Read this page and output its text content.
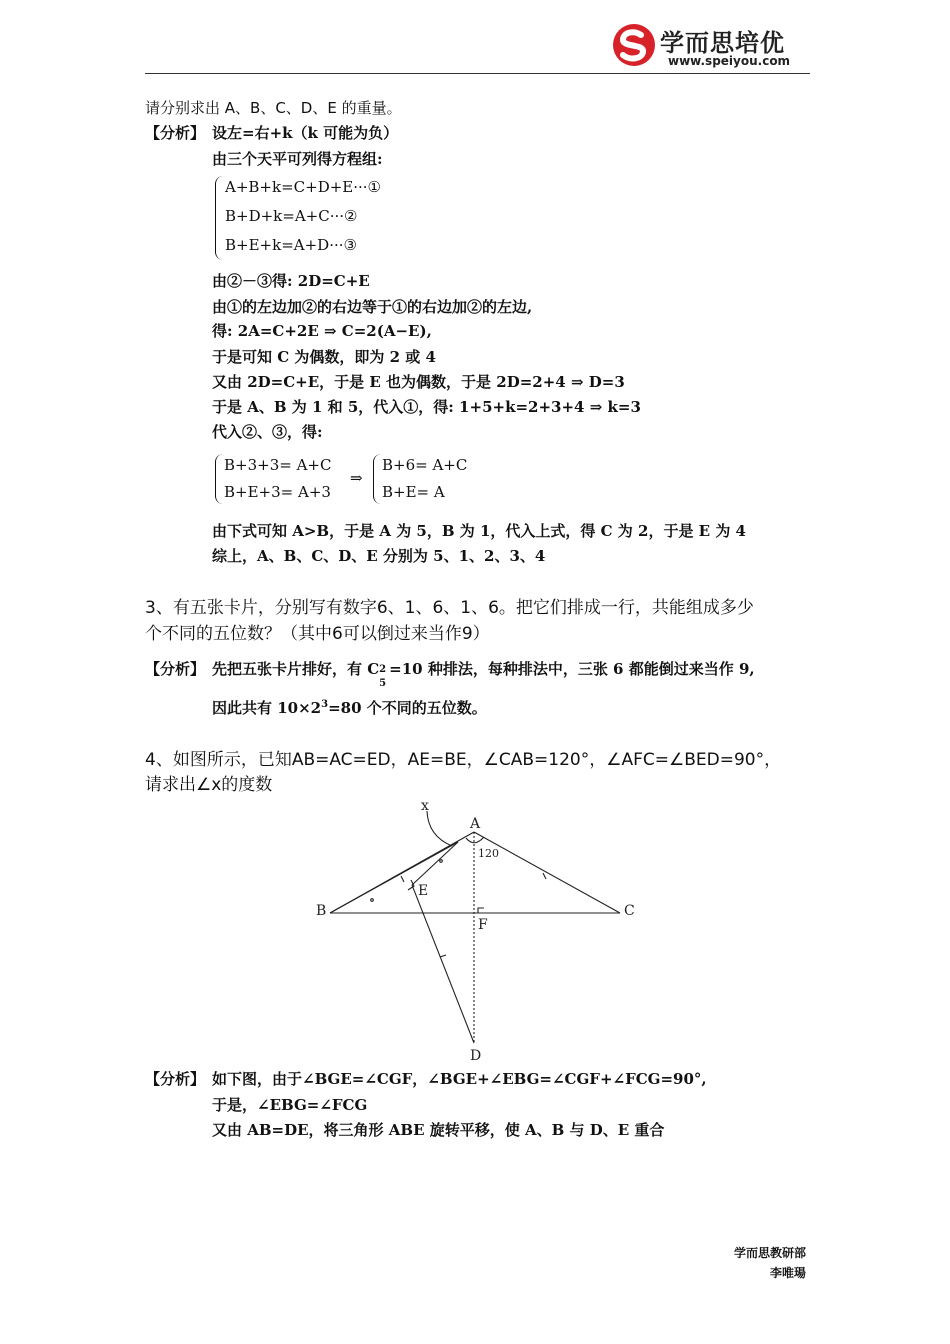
学而思培优
www.speiyou.com
请分别求出 A、B、C、D、E 的重量。
【分析】 设左=右+k（k 可能为负）
由三个天平可列得方程组:
A+B+k=C+D+E···①
B+D+k=A+C···②
B+E+k=A+D···③
由②－③得: 2D=C+E
由①的左边加②的右边等于①的右边加②的左边,
得: 2A=C+2E ⇒ C=2(A−E),
于是可知 C 为偶数，即为 2 或 4
又由 2D=C+E，于是 E 也为偶数，于是 2D=2+4 ⇒ D=3
于是 A、B 为 1 和 5，代入①，得: 1+5+k=2+3+4 ⇒ k=3
代入②、③，得:
B+3+3= A+C
B+E+3= A+3
⇒
B+6= A+C
B+E= A
由下式可知 A>B，于是 A 为 5，B 为 1，代入上式，得 C 为 2，于是 E 为 4
综上，A、B、C、D、E 分别为 5、1、2、3、4
3、有五张卡片，分别写有数字6、1、6、1、6。把它们排成一行，共能组成多少
个不同的五位数？（其中6可以倒过来当作9）
【分析】 先把五张卡片排好，有 C 2
5
=10 种排法，每种排法中，三张 6 都能倒过来当作 9,
因此共有 $10\times 2^3=80$ 个不同的五位数。
4、如图所示，已知AB=AC=ED，AE=BE，∠CAB=120°，∠AFC=∠BED=90°，
请求出∠x的度数
x
A
B	C
D
E
F
120
【分析】 如下图，由于∠BGE=∠CGF，∠BGE+∠EBG=∠CGF+∠FCG=90°,
于是，∠EBG=∠FCG
又由 AB=DE，将三角形 ABE 旋转平移，使 A、B 与 D、E 重合
学而思教研部
李唯瑒
